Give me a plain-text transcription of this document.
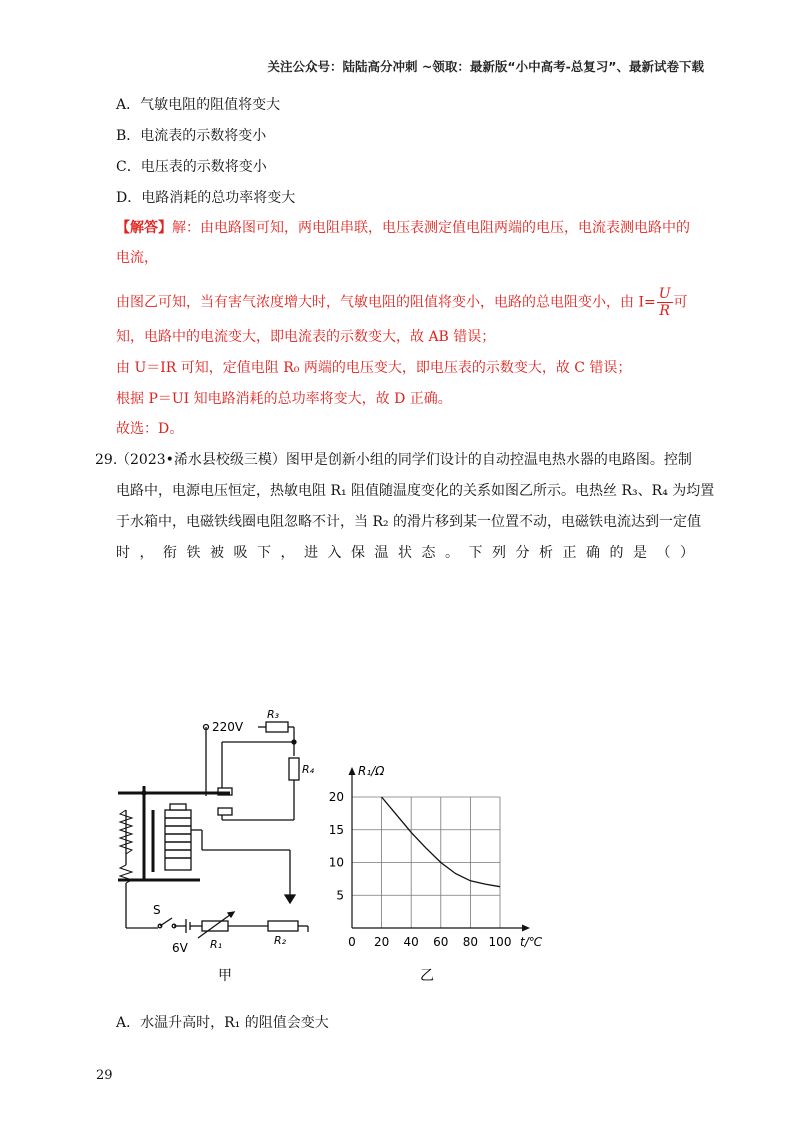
关注公众号：陆陆高分冲刺 ~领取：最新版“小中高考-总复习”、最新试卷下载
A．气敏电阻的阻值将变大
B．电流表的示数将变小
C．电压表的示数将变小
D．电路消耗的总功率将变大
【解答】解：由电路图可知，两电阻串联，电压表测定值电阻两端的电压，电流表测电路中的
电流，
由图乙可知，当有害气浓度增大时，气敏电阻的阻值将变小，电路的总电阻变小，由 $I= \frac{U}{R}$ 可
知，电路中的电流变大，即电流表的示数变大，故 AB 错误；
由 U＝IR 可知，定值电阻 R₀ 两端的电压变大，即电压表的示数变大，故 C 错误；
根据 P＝UI 知电路消耗的总功率将变大，故 D 正确。
故选：D。
29.
（2023•浠水县校级三模）图甲是创新小组的同学们设计的自动控温电热水器的电路图。控制
电路中，电源电压恒定，热敏电阻 R₁ 阻值随温度变化的关系如图乙所示。电热丝 R₃、R₄ 为均置
于水箱中，电磁铁线圈电阻忽略不计，当 R₂ 的滑片移到某一位置不动，电磁铁电流达到一定值
时 ， 衔 铁 被 吸 下 ， 进 入 保 温 状 态 。 下 列 分 析 正 确 的 是 （ ）
220V
R₃
R₄
S
6V R₁	R₂
甲
0 20 40 60 80 100
5
10
15
20
R₁/Ω
t/℃
乙
A．水温升高时，R₁ 的阻值会变大
29
